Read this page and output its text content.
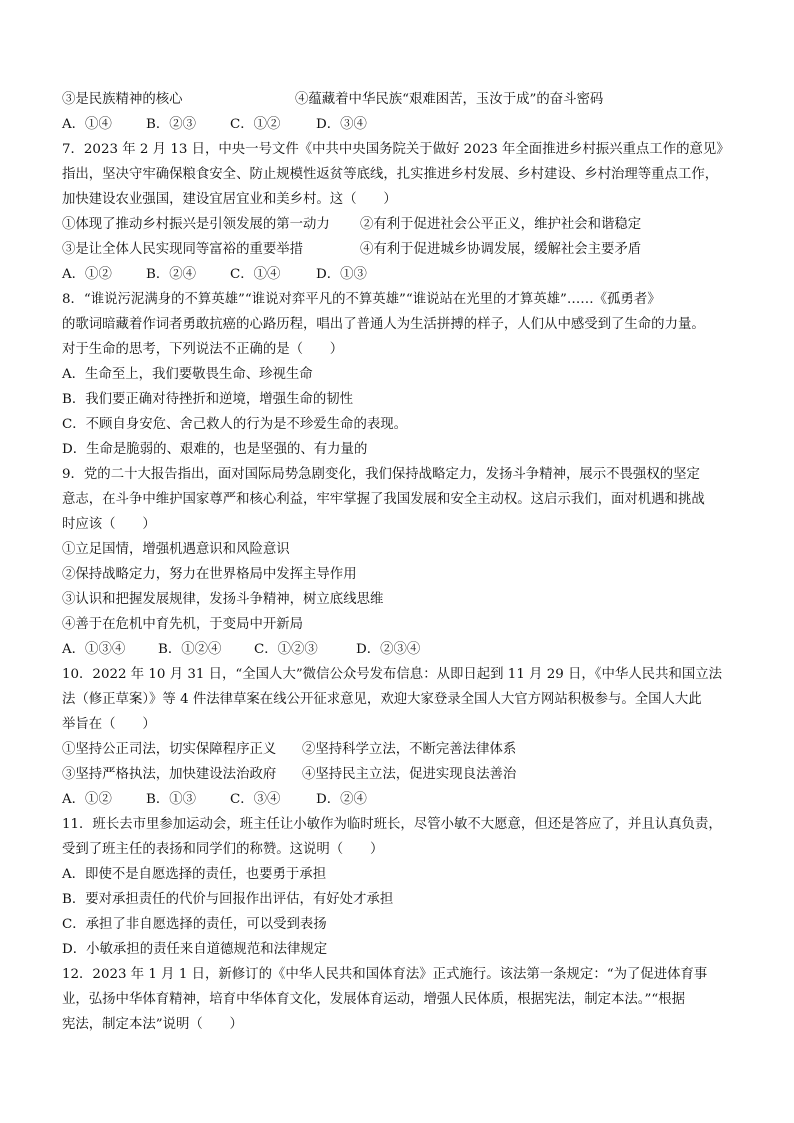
③是民族精神的核心	④蕴藏着中华民族“艰难困苦，玉汝于成”的奋斗密码
A．①④	B．②③	C．①②	D．③④
7．2023 年 2 月 13 日，中央一号文件《中共中央国务院关于做好 2023 年全面推进乡村振兴重点工作的意见》
指出，坚决守牢确保粮食安全、防止规模性返贫等底线，扎实推进乡村发展、乡村建设、乡村治理等重点工作，
加快建设农业强国，建设宜居宜业和美乡村。这（　　）
①体现了推动乡村振兴是引领发展的第一动力 ②有利于促进社会公平正义，维护社会和谐稳定
③是让全体人民实现同等富裕的重要举措	④有利于促进城乡协调发展，缓解社会主要矛盾
A．①②	B．②④	C．①④	D．①③
8．“谁说污泥满身的不算英雄”“谁说对弈平凡的不算英雄”“谁说站在光里的才算英雄”……《孤勇者》
的歌词暗藏着作词者勇敢抗癌的心路历程，唱出了普通人为生活拼搏的样子，人们从中感受到了生命的力量。
对于生命的思考，下列说法不正确的是（　　）
A．生命至上，我们要敬畏生命、珍视生命
B．我们要正确对待挫折和逆境，增强生命的韧性
C．不顾自身安危、舍己救人的行为是不珍爱生命的表现。
D．生命是脆弱的、艰难的，也是坚强的、有力量的
9．党的二十大报告指出，面对国际局势急剧变化，我们保持战略定力，发扬斗争精神，展示不畏强权的坚定
意志，在斗争中维护国家尊严和核心利益，牢牢掌握了我国发展和安全主动权。这启示我们，面对机遇和挑战
时应该（　　）
①立足国情，增强机遇意识和风险意识
②保持战略定力，努力在世界格局中发挥主导作用
③认识和把握发展规律，发扬斗争精神，树立底线思维
④善于在危机中育先机，于变局中开新局
A．①③④ B．①②④ C．①②③	D．②③④
10．2022 年 10 月 31 日，“全国人大”微信公众号发布信息：从即日起到 11 月 29 日，《中华人民共和国立法
法（修正草案）》等 4 件法律草案在线公开征求意见，欢迎大家登录全国人大官方网站积极参与。全国人大此
举旨在（　　）
①坚持公正司法，切实保障程序正义 ②坚持科学立法，不断完善法律体系
③坚持严格执法，加快建设法治政府 ④坚持民主立法，促进实现良法善治
A．①②	B．①③	C．③④	D．②④
11．班长去市里参加运动会，班主任让小敏作为临时班长，尽管小敏不大愿意，但还是答应了，并且认真负责，
受到了班主任的表扬和同学们的称赞。这说明（　　）
A．即使不是自愿选择的责任，也要勇于承担
B．要对承担责任的代价与回报作出评估，有好处才承担
C．承担了非自愿选择的责任，可以受到表扬
D．小敏承担的责任来自道德规范和法律规定
12．2023 年 1 月 1 日，新修订的《中华人民共和国体育法》正式施行。该法第一条规定：“为了促进体育事
业，弘扬中华体育精神，培育中华体育文化，发展体育运动，增强人民体质，根据宪法，制定本法。”“根据
宪法，制定本法”说明（　　）
